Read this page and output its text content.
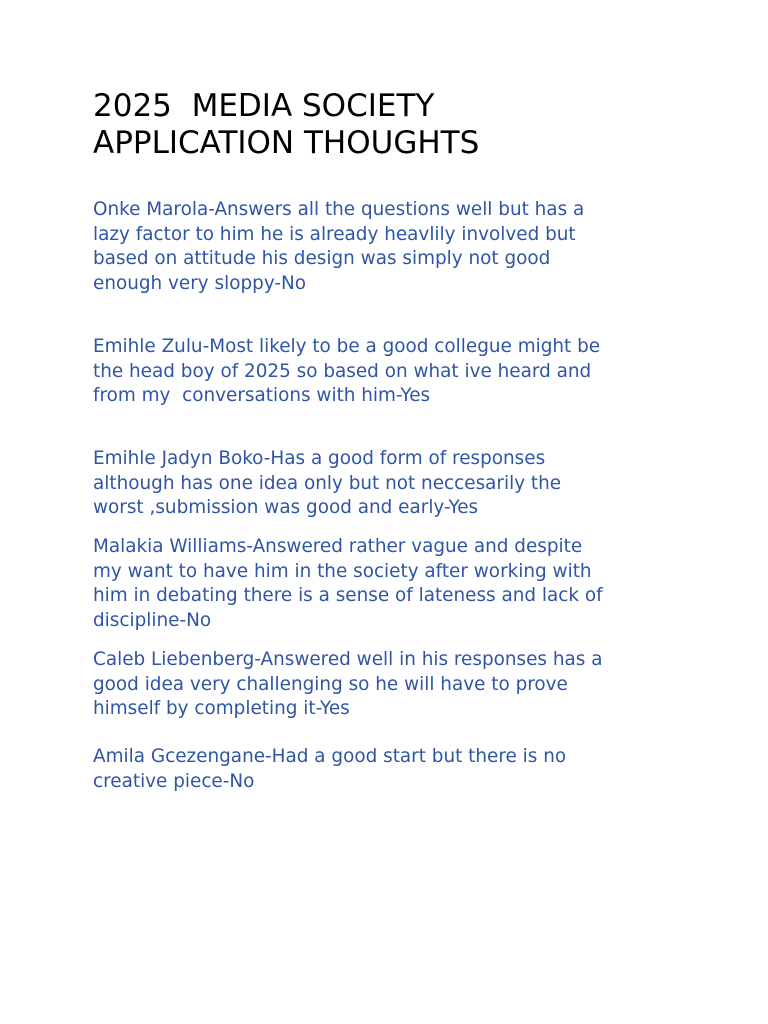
2025  MEDIA SOCIETY
APPLICATION THOUGHTS

Onke Marola-Answers all the questions well but has a
lazy factor to him he is already heavlily involved but
based on attitude his design was simply not good
enough very sloppy-No

Emihle Zulu-Most likely to be a good collegue might be
the head boy of 2025 so based on what ive heard and
from my  conversations with him-Yes

Emihle Jadyn Boko-Has a good form of responses
although has one idea only but not neccesarily the
worst ,submission was good and early-Yes

Malakia Williams-Answered rather vague and despite
my want to have him in the society after working with
him in debating there is a sense of lateness and lack of
discipline-No

Caleb Liebenberg-Answered well in his responses has a
good idea very challenging so he will have to prove
himself by completing it-Yes

Amila Gcezengane-Had a good start but there is no
creative piece-No
